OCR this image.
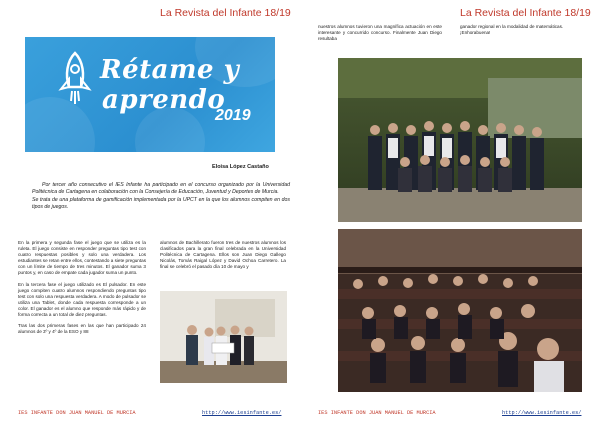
La Revista del Infante 18/19
Rétame y
aprendo
2019
Eloisa López Castaño

Por tercer año consecutivo el IES Infante ha participado en el concurso organizado por la Universidad Politécnica de Cartagena en colaboración con la Consejería de Educación, Juventud y Deportes de Murcia.

Se trata de una plataforma de gamificación implementada por la UPCT en la que los alumnos compiten en dos tipos de juegos.

En la primera y segunda fase el juego que se utiliza es la ruleta. El juego consiste en responder preguntas tipo test con cuatro respuestas posibles y solo una verdadera. Los estudiantes se retan entre ellos, contestando a siete preguntas con un límite de tiempo de tres minutos. El ganador suma 3 puntos y, en caso de empate cada jugador suma un punto.

En la tercera fase el juego utilizado es El pulsador. En este juego compiten cuatro alumnos respondiendo preguntas tipo test con solo una respuesta verdadera. A modo de pulsador se utiliza una Tablet, donde cada respuesta corresponde a un color. El ganador es el alumno que responde más rápido y de forma correcta a un total de diez preguntas.

Tras las dos primeras fases en las que han participado 24 alumnos de 3º y 4º de la ESO y 88

alumnos de Bachillerato fueron tres de nuestros alumnos los clasificados para la gran final celebrada en la Universidad Politécnica de Cartagena. Ellos son Juan Diego Gallego Nicolás, Tomás Raigal López y David Ochoa Carretero. La final se celebró el pasado día 10 de mayo y

IES INFANTE DON JUAN MANUEL DE MURCIA	http://www.iesinfante.es/
La Revista del Infante 18/19
nuestros alumnos tuvieron una magnífica actuación en este interesante y concurrido concurso. Finalmente Juan Diego resultaba
ganador regional en la modalidad de matemáticas. ¡Enhorabuena!
IES INFANTE DON JUAN MANUEL DE MURCIA	http://www.iesinfante.es/
